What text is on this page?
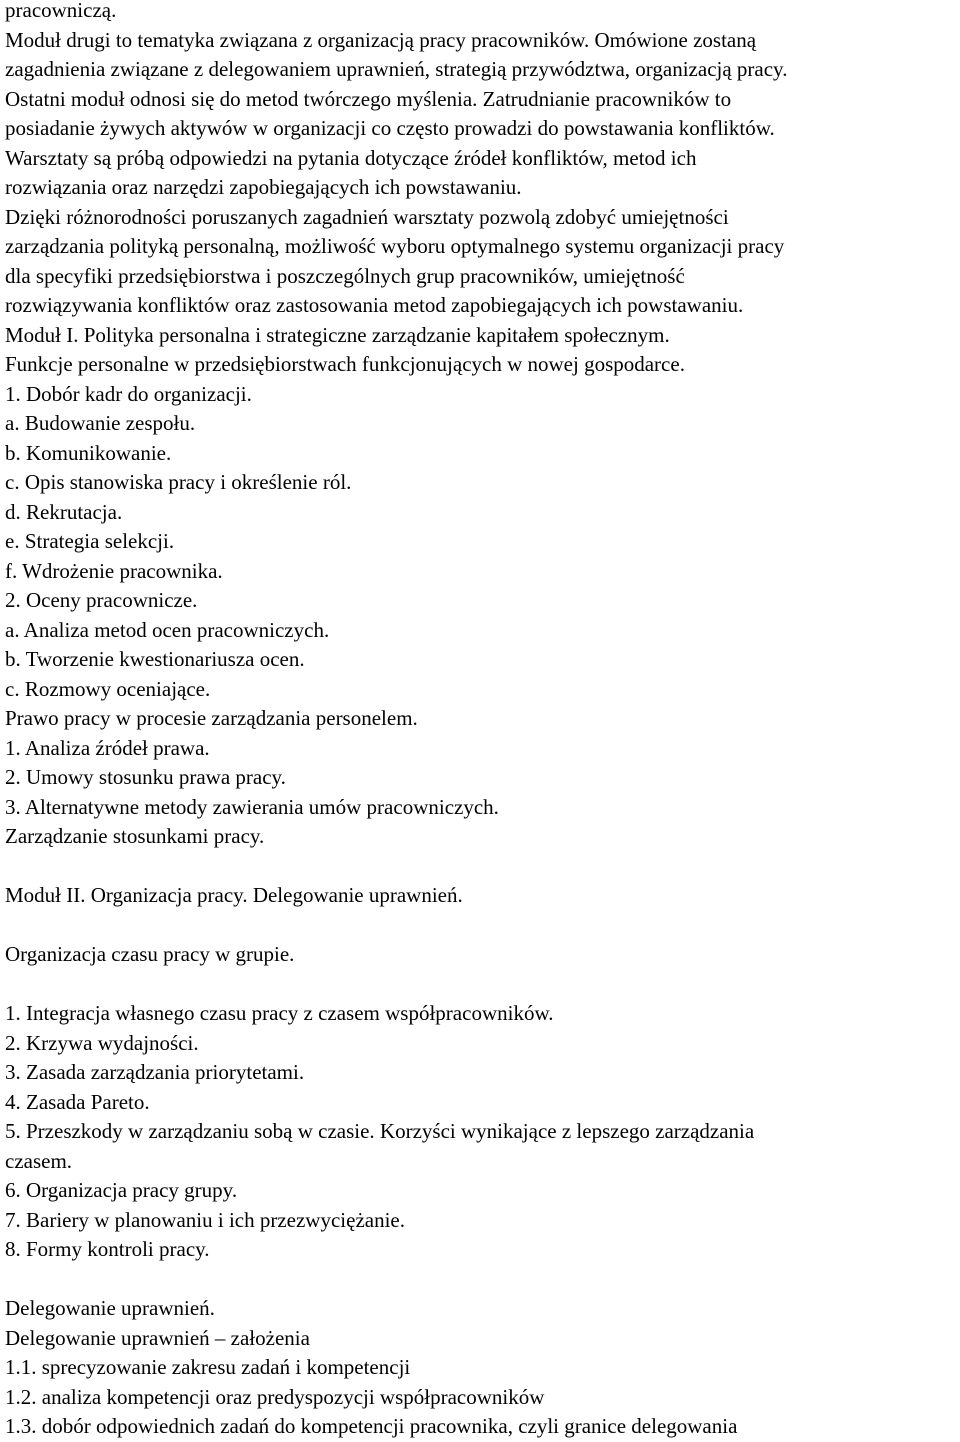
pracowniczą.
Moduł drugi to tematyka związana z organizacją pracy pracowników. Omówione zostaną
zagadnienia związane z delegowaniem uprawnień, strategią przywództwa, organizacją pracy.
Ostatni moduł odnosi się do metod twórczego myślenia. Zatrudnianie pracowników to
posiadanie żywych aktywów w organizacji co często prowadzi do powstawania konfliktów.
Warsztaty są próbą odpowiedzi na pytania dotyczące źródeł konfliktów, metod ich
rozwiązania oraz narzędzi zapobiegających ich powstawaniu.
Dzięki różnorodności poruszanych zagadnień warsztaty pozwolą zdobyć umiejętności
zarządzania polityką personalną, możliwość wyboru optymalnego systemu organizacji pracy
dla specyfiki przedsiębiorstwa i poszczególnych grup pracowników, umiejętność
rozwiązywania konfliktów oraz zastosowania metod zapobiegających ich powstawaniu.
Moduł I. Polityka personalna i strategiczne zarządzanie kapitałem społecznym.
Funkcje personalne w przedsiębiorstwach funkcjonujących w nowej gospodarce.
1. Dobór kadr do organizacji.
a. Budowanie zespołu.
b. Komunikowanie.
c. Opis stanowiska pracy i określenie ról.
d. Rekrutacja.
e. Strategia selekcji.
f. Wdrożenie pracownika.
2. Oceny pracownicze.
a. Analiza metod ocen pracowniczych.
b. Tworzenie kwestionariusza ocen.
c. Rozmowy oceniające.
Prawo pracy w procesie zarządzania personelem.
1. Analiza źródeł prawa.
2. Umowy stosunku prawa pracy.
3. Alternatywne metody zawierania umów pracowniczych.
Zarządzanie stosunkami pracy.
Moduł II. Organizacja pracy. Delegowanie uprawnień.
Organizacja czasu pracy w grupie.
1. Integracja własnego czasu pracy z czasem współpracowników.
2. Krzywa wydajności.
3. Zasada zarządzania priorytetami.
4. Zasada Pareto.
5. Przeszkody w zarządzaniu sobą w czasie. Korzyści wynikające z lepszego zarządzania
czasem.
6. Organizacja pracy grupy.
7. Bariery w planowaniu i ich przezwyciężanie.
8. Formy kontroli pracy.
Delegowanie uprawnień.
Delegowanie uprawnień – założenia
1.1. sprecyzowanie zakresu zadań i kompetencji
1.2. analiza kompetencji oraz predyspozycji współpracowników
1.3. dobór odpowiednich zadań do kompetencji pracownika, czyli granice delegowania
